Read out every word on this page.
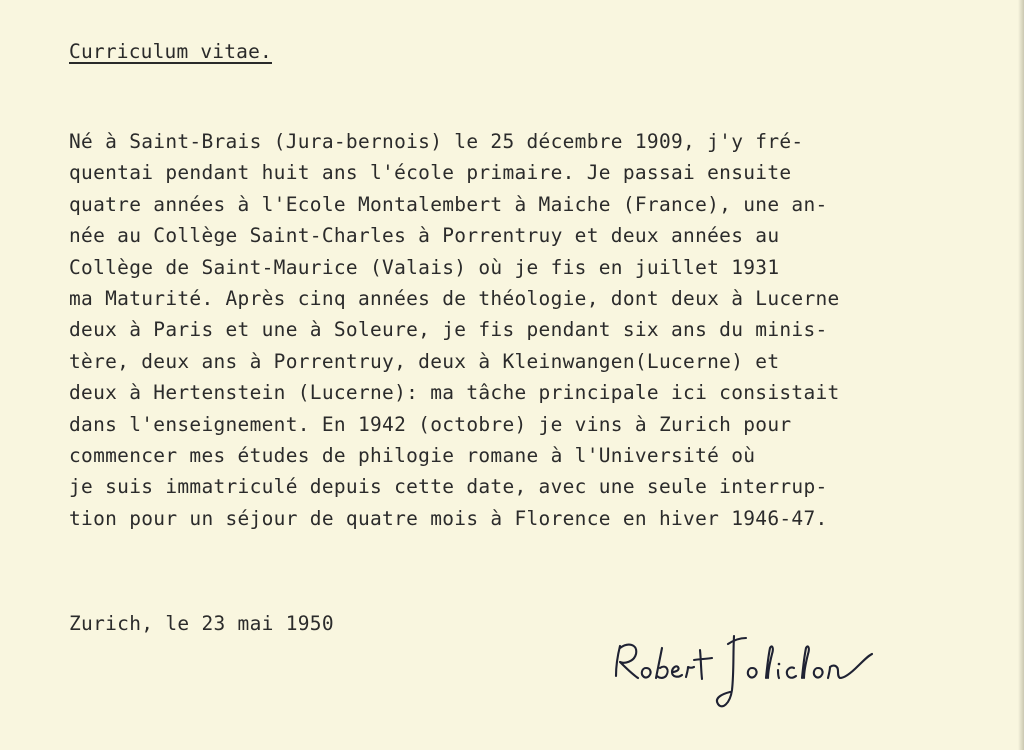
Curriculum vitae.
Né à Saint-Brais (Jura-bernois) le 25 décembre 1909, j'y fré-
quentai pendant huit ans l'école primaire. Je passai ensuite
quatre années à l'Ecole Montalembert à Maiche (France), une an-
née au Collège Saint-Charles à Porrentruy et deux années au
Collège de Saint-Maurice (Valais) où je fis en juillet 1931
ma Maturité. Après cinq années de théologie, dont deux à Lucerne
deux à Paris et une à Soleure, je fis pendant six ans du minis-
tère, deux ans à Porrentruy, deux à Kleinwangen(Lucerne) et
deux à Hertenstein (Lucerne): ma tâche principale ici consistait
dans l'enseignement. En 1942 (octobre) je vins à Zurich pour
commencer mes études de philogie romane à l'Université où
je suis immatriculé depuis cette date, avec une seule interrup-
tion pour un séjour de quatre mois à Florence en hiver 1946-47.
Zurich, le 23 mai 1950
